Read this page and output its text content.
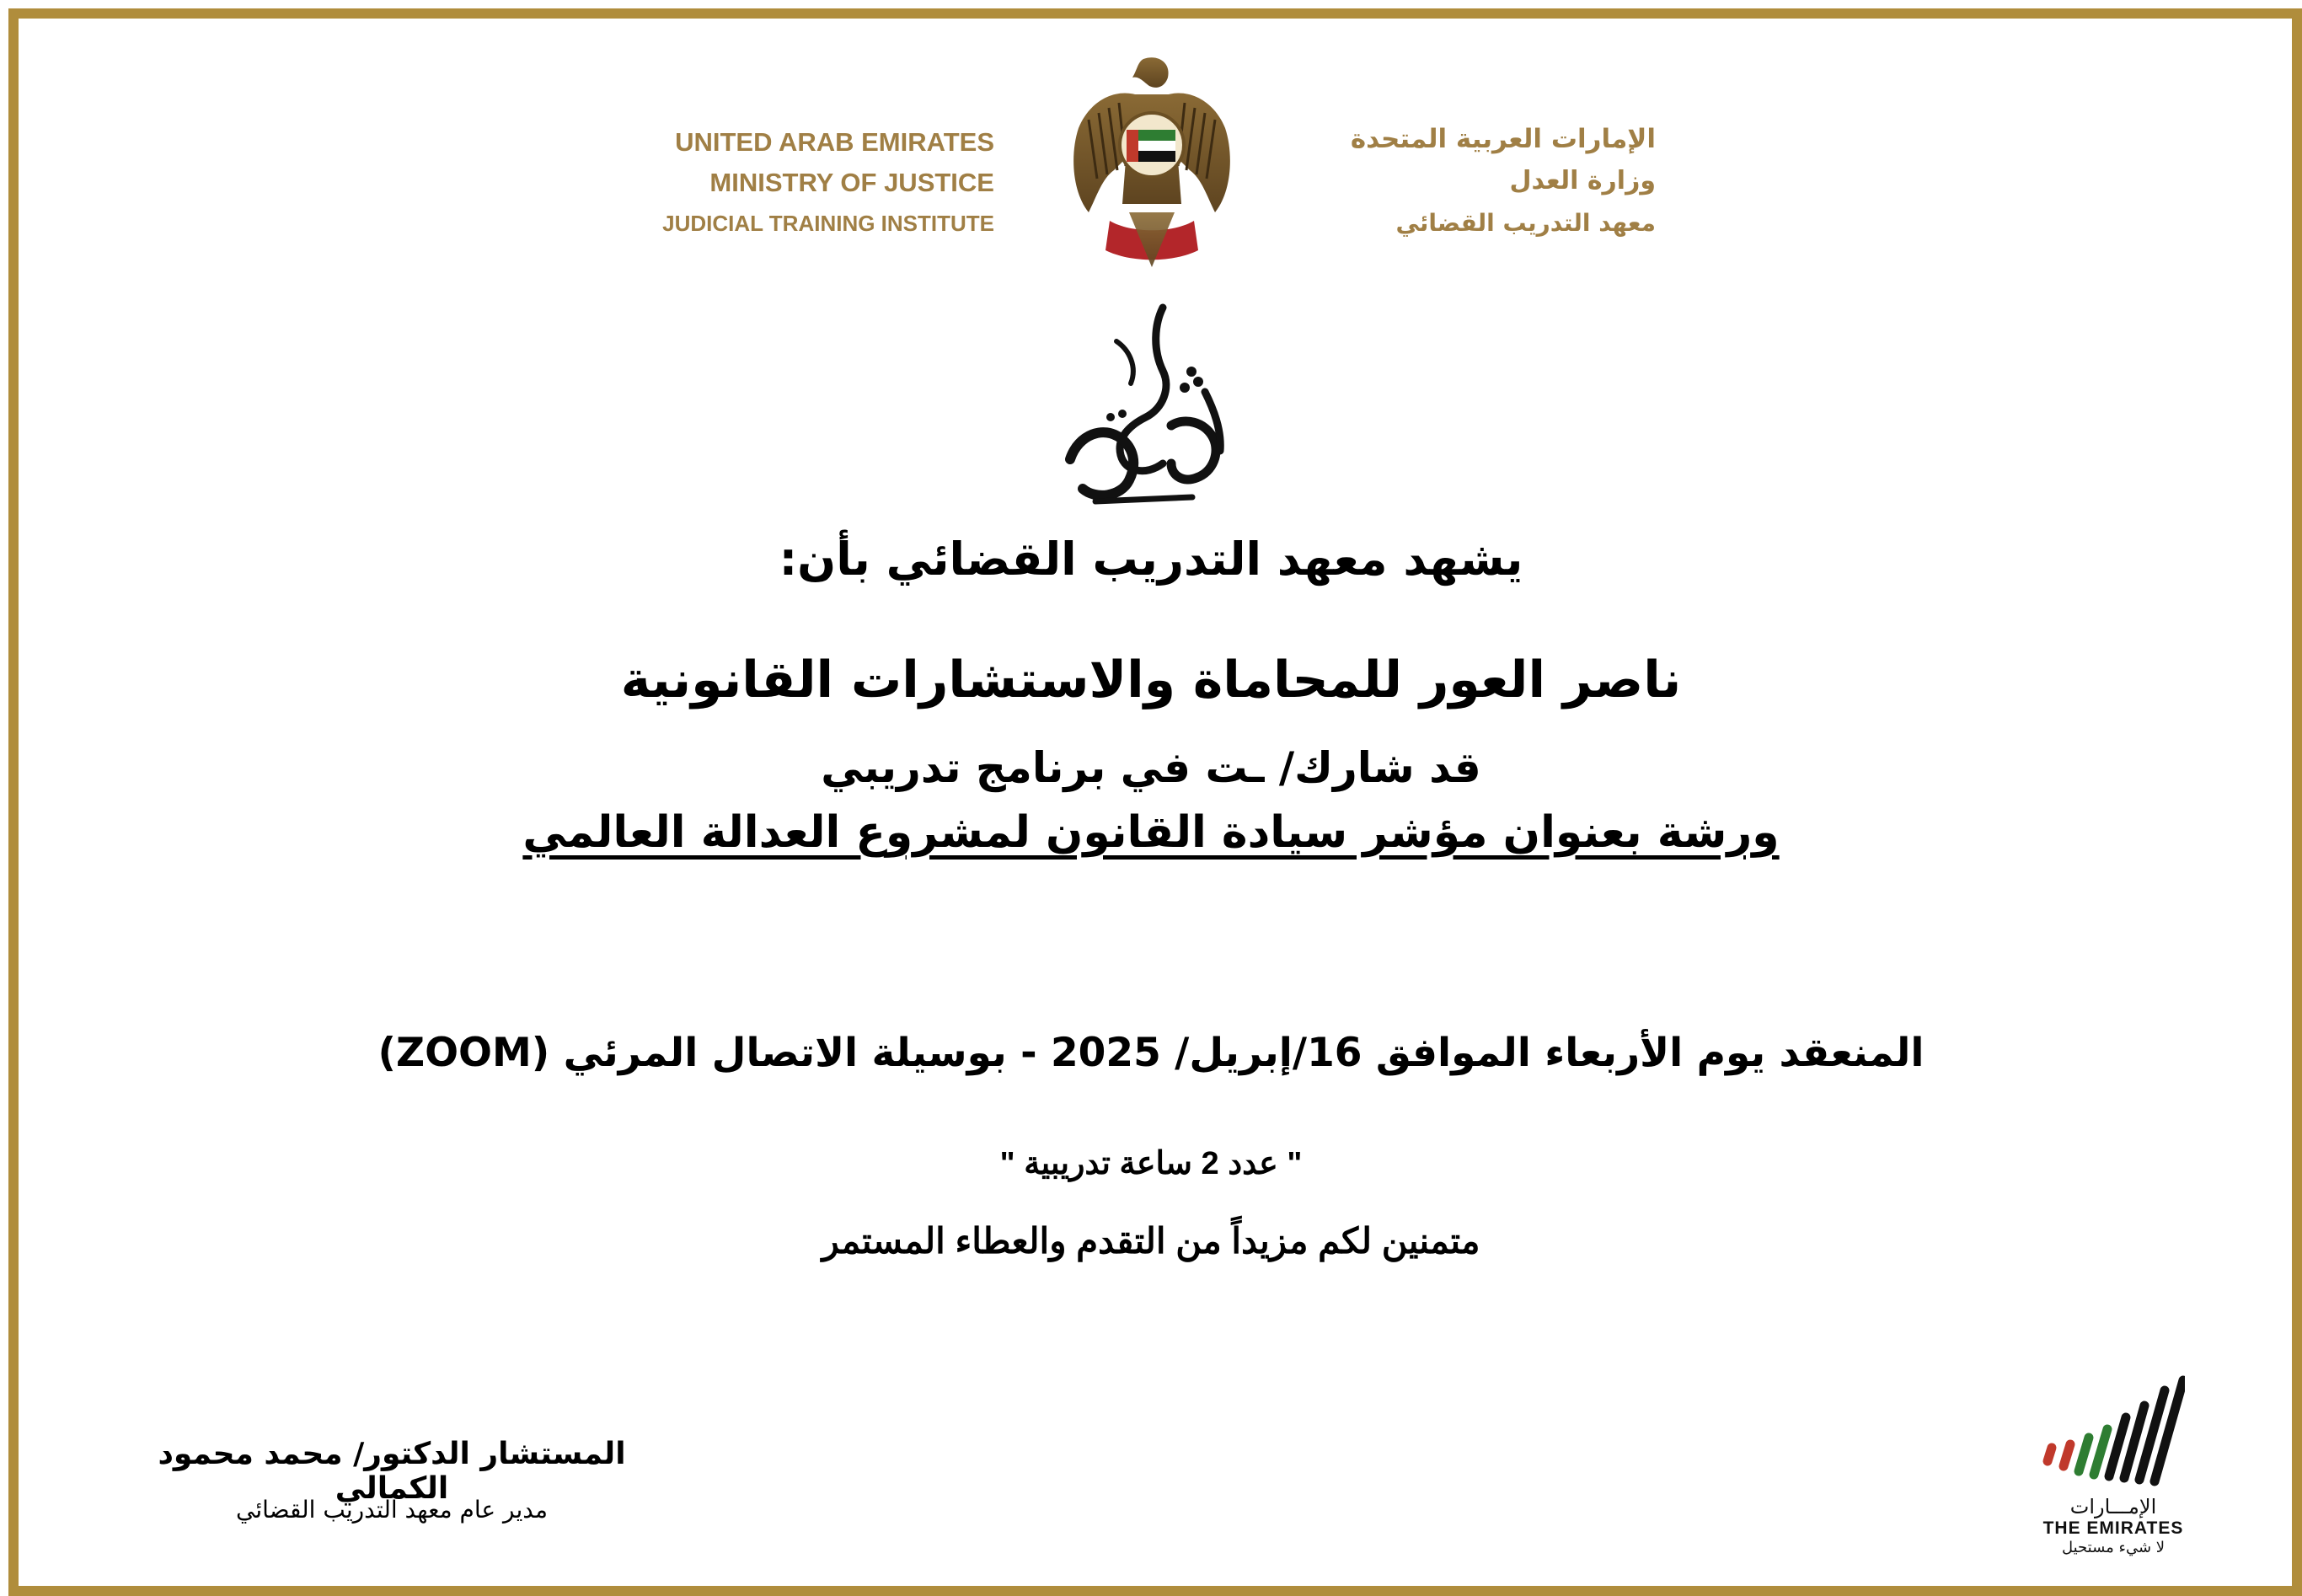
UNITED ARAB EMIRATES
MINISTRY OF JUSTICE
JUDICIAL TRAINING INSTITUTE
الإمارات العربية المتحدة
وزارة العدل
معهد التدريب القضائي
يشهد معهد التدريب القضائي بأن:
ناصر العور للمحاماة والاستشارات القانونية
قد شارك/ ـت في برنامج تدريبي
ورشة بعنوان مؤشر سيادة القانون لمشروع العدالة العالمي
المنعقد يوم الأربعاء الموافق 16/إبريل/ 2025 - بوسيلة الاتصال المرئي (ZOOM)
" عدد 2 ساعة تدريبية "
متمنين لكم مزيداً من التقدم والعطاء المستمر
المستشار الدكتور/ محمد محمود الكمالي
مدير عام معهد التدريب القضائي	الإمـــارات
THE EMIRATES
لا شيء مستحيل
